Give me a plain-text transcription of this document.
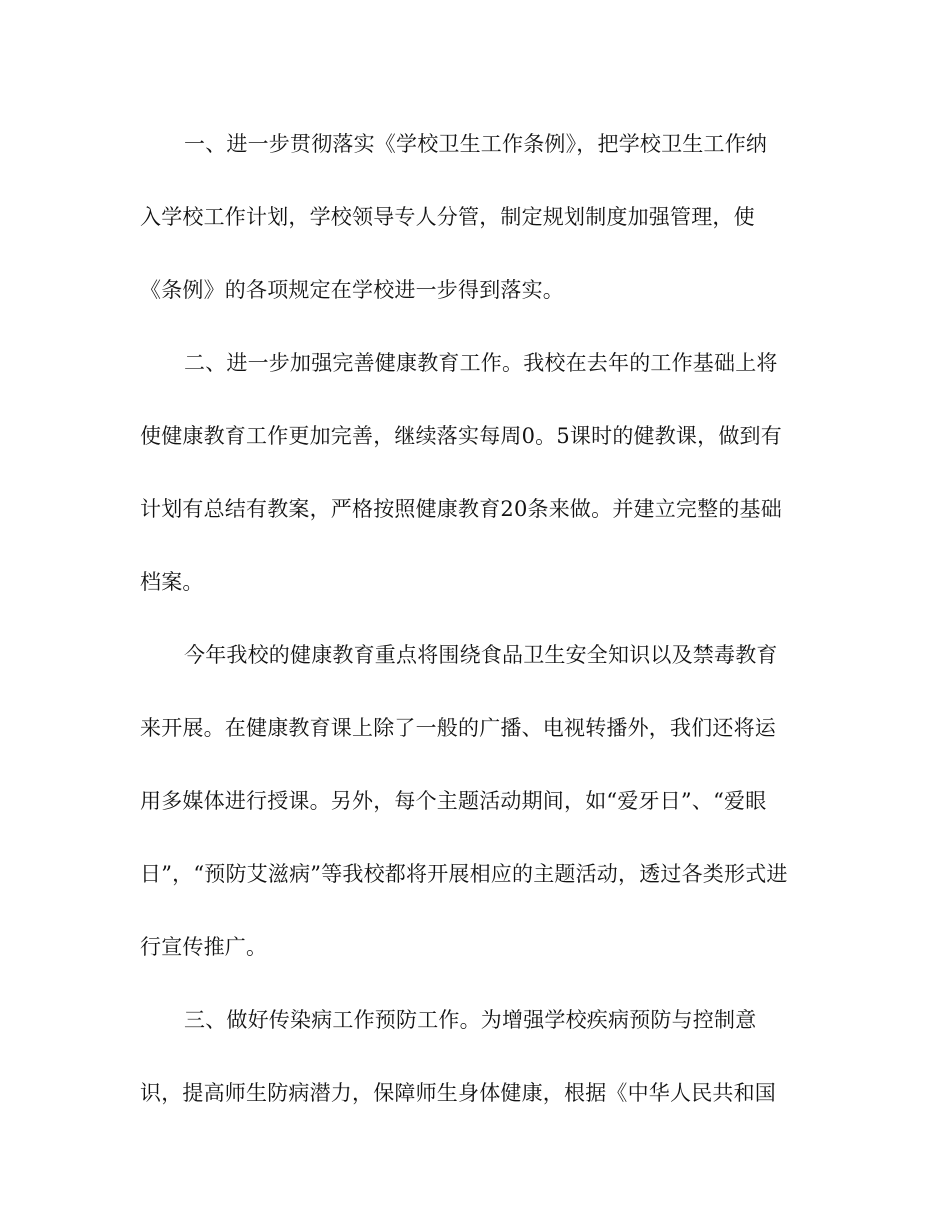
一、进一步贯彻落实《学校卫生工作条例》，把学校卫生工作纳
入学校工作计划，学校领导专人分管，制定规划制度加强管理，使
《条例》的各项规定在学校进一步得到落实。
二、进一步加强完善健康教育工作。我校在去年的工作基础上将
使健康教育工作更加完善，继续落实每周0。5课时的健教课，做到有
计划有总结有教案，严格按照健康教育20条来做。并建立完整的基础
档案。
今年我校的健康教育重点将围绕食品卫生安全知识以及禁毒教育
来开展。在健康教育课上除了一般的广播、电视转播外，我们还将运
用多媒体进行授课。另外，每个主题活动期间，如“爱牙日”、“爱眼
日”，“预防艾滋病”等我校都将开展相应的主题活动，透过各类形式进
行宣传推广。
三、做好传染病工作预防工作。为增强学校疾病预防与控制意
识，提高师生防病潜力，保障师生身体健康，根据《中华人民共和国
